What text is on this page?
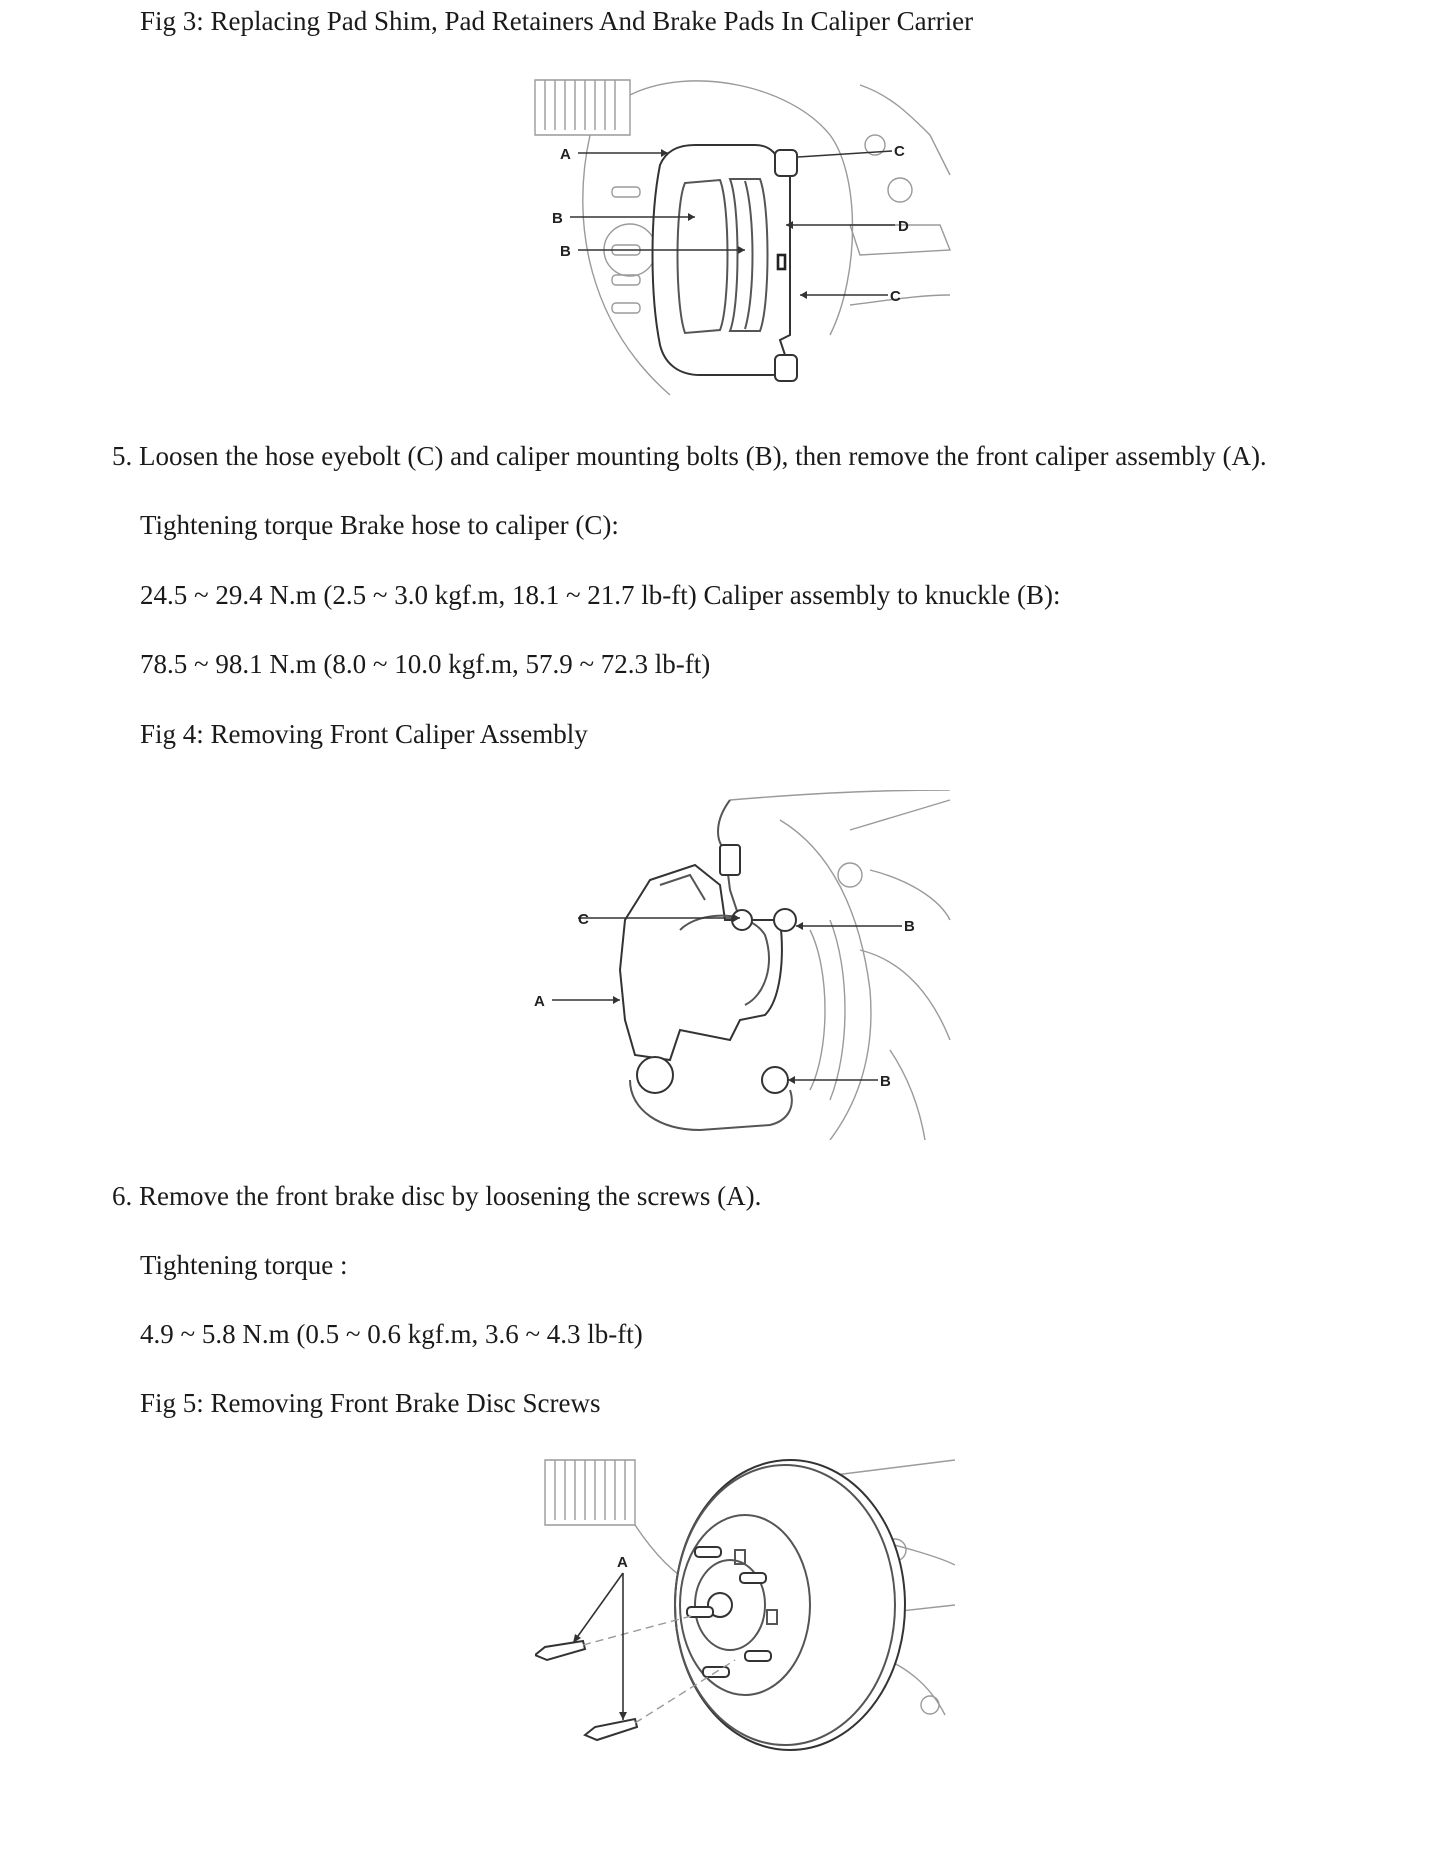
Fig 3: Replacing Pad Shim, Pad Retainers And Brake Pads In Caliper Carrier
A
B
B
C
D
C
5. Loosen the hose eyebolt (C) and caliper mounting bolts (B), then remove the front caliper assembly (A).
Tightening torque Brake hose to caliper (C):
24.5 ~ 29.4 N.m (2.5 ~ 3.0 kgf.m, 18.1 ~ 21.7 lb-ft) Caliper assembly to knuckle (B):
78.5 ~ 98.1 N.m (8.0 ~ 10.0 kgf.m, 57.9 ~ 72.3 lb-ft)
Fig 4: Removing Front Caliper Assembly
C
A
B
B
6. Remove the front brake disc by loosening the screws (A).
Tightening torque :
4.9 ~ 5.8 N.m (0.5 ~ 0.6 kgf.m, 3.6 ~ 4.3 lb-ft)
Fig 5: Removing Front Brake Disc Screws
A
